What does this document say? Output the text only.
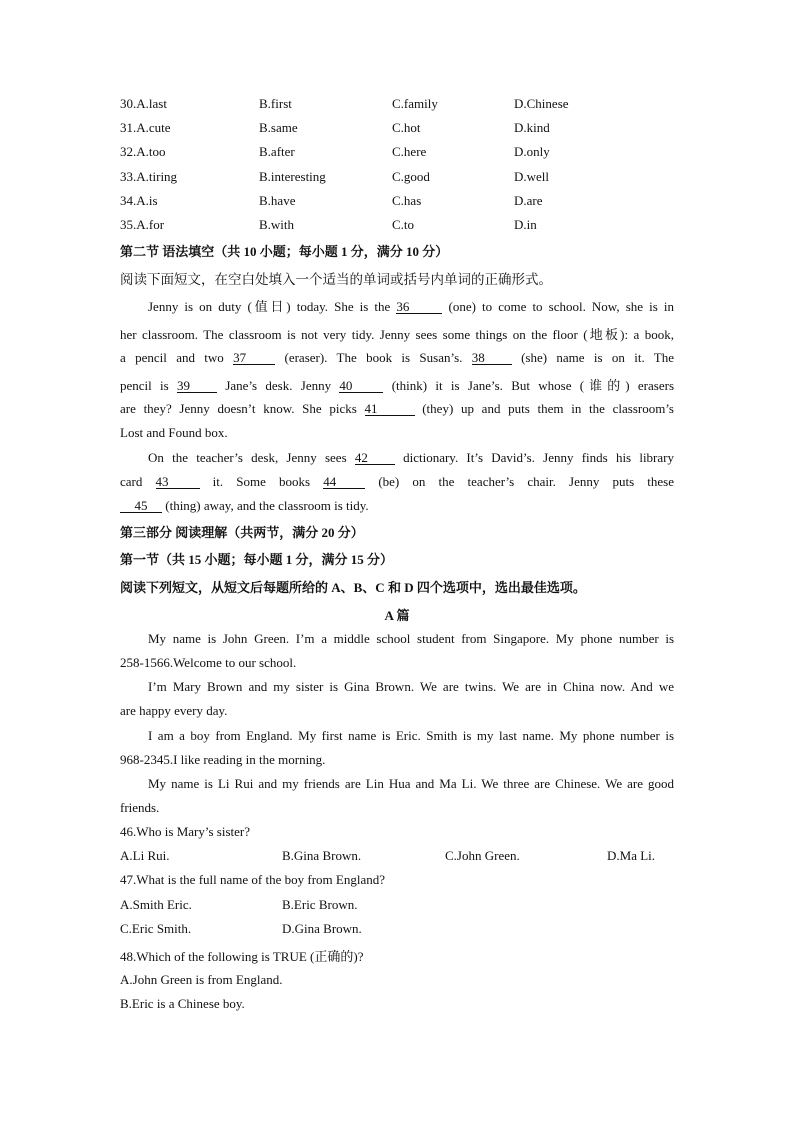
30.A.last	B.first	C.family	D.Chinese
31.A.cute	B.same	C.hot	D.kind
32.A.too	B.after	C.here	D.only
33.A.tiring	B.interesting	C.good	D.well
34.A.is	B.have	C.has	D.are
35.A.for	B.with	C.to	D.in
第二节 语法填空（共 10 小题；每小题 1 分，满分 10 分）
阅读下面短文，在空白处填入一个适当的单词或括号内单词的正确形式。
Jenny is on duty (值日) today. She is the 36	(one) to come to school. Now, she is in
her classroom. The classroom is not very tidy. Jenny sees some things on the floor (地板): a book,
a pencil and two 37 (eraser). The book is Susan’s. 38 (she) name is on it. The
pencil is 39 Jane’s desk. Jenny 40 (think) it is Jane’s. But whose (谁的) erasers
are they? Jenny doesn’t know. She picks 41	(they) up and puts them in the classroom’s
Lost and Found box.
On the teacher’s desk, Jenny sees 42 dictionary. It’s David’s. Jenny finds his library
card 43 it. Some books 44 (be) on the teacher’s chair. Jenny puts these
45 (thing) away, and the classroom is tidy.
第三部分 阅读理解（共两节，满分 20 分）
第一节（共 15 小题；每小题 1 分，满分 15 分）
阅读下列短文，从短文后每题所给的 A、B、C 和 D 四个选项中，选出最佳选项。
A 篇
My name is John Green. I’m a middle school student from Singapore. My phone number is
258-1566.Welcome to our school.
I’m Mary Brown and my sister is Gina Brown. We are twins. We are in China now. And we
are happy every day.
I am a boy from England. My first name is Eric. Smith is my last name. My phone number is
968-2345.I like reading in the morning.
My name is Li Rui and my friends are Lin Hua and Ma Li. We three are Chinese. We are good
friends.
46.Who is Mary’s sister?
A.Li Rui.	B.Gina Brown.	C.John Green.	D.Ma Li.
47.What is the full name of the boy from England?
A.Smith Eric.	B.Eric Brown.
C.Eric Smith.	D.Gina Brown.
48.Which of the following is TRUE (正确的)?
A.John Green is from England.
B.Eric is a Chinese boy.
